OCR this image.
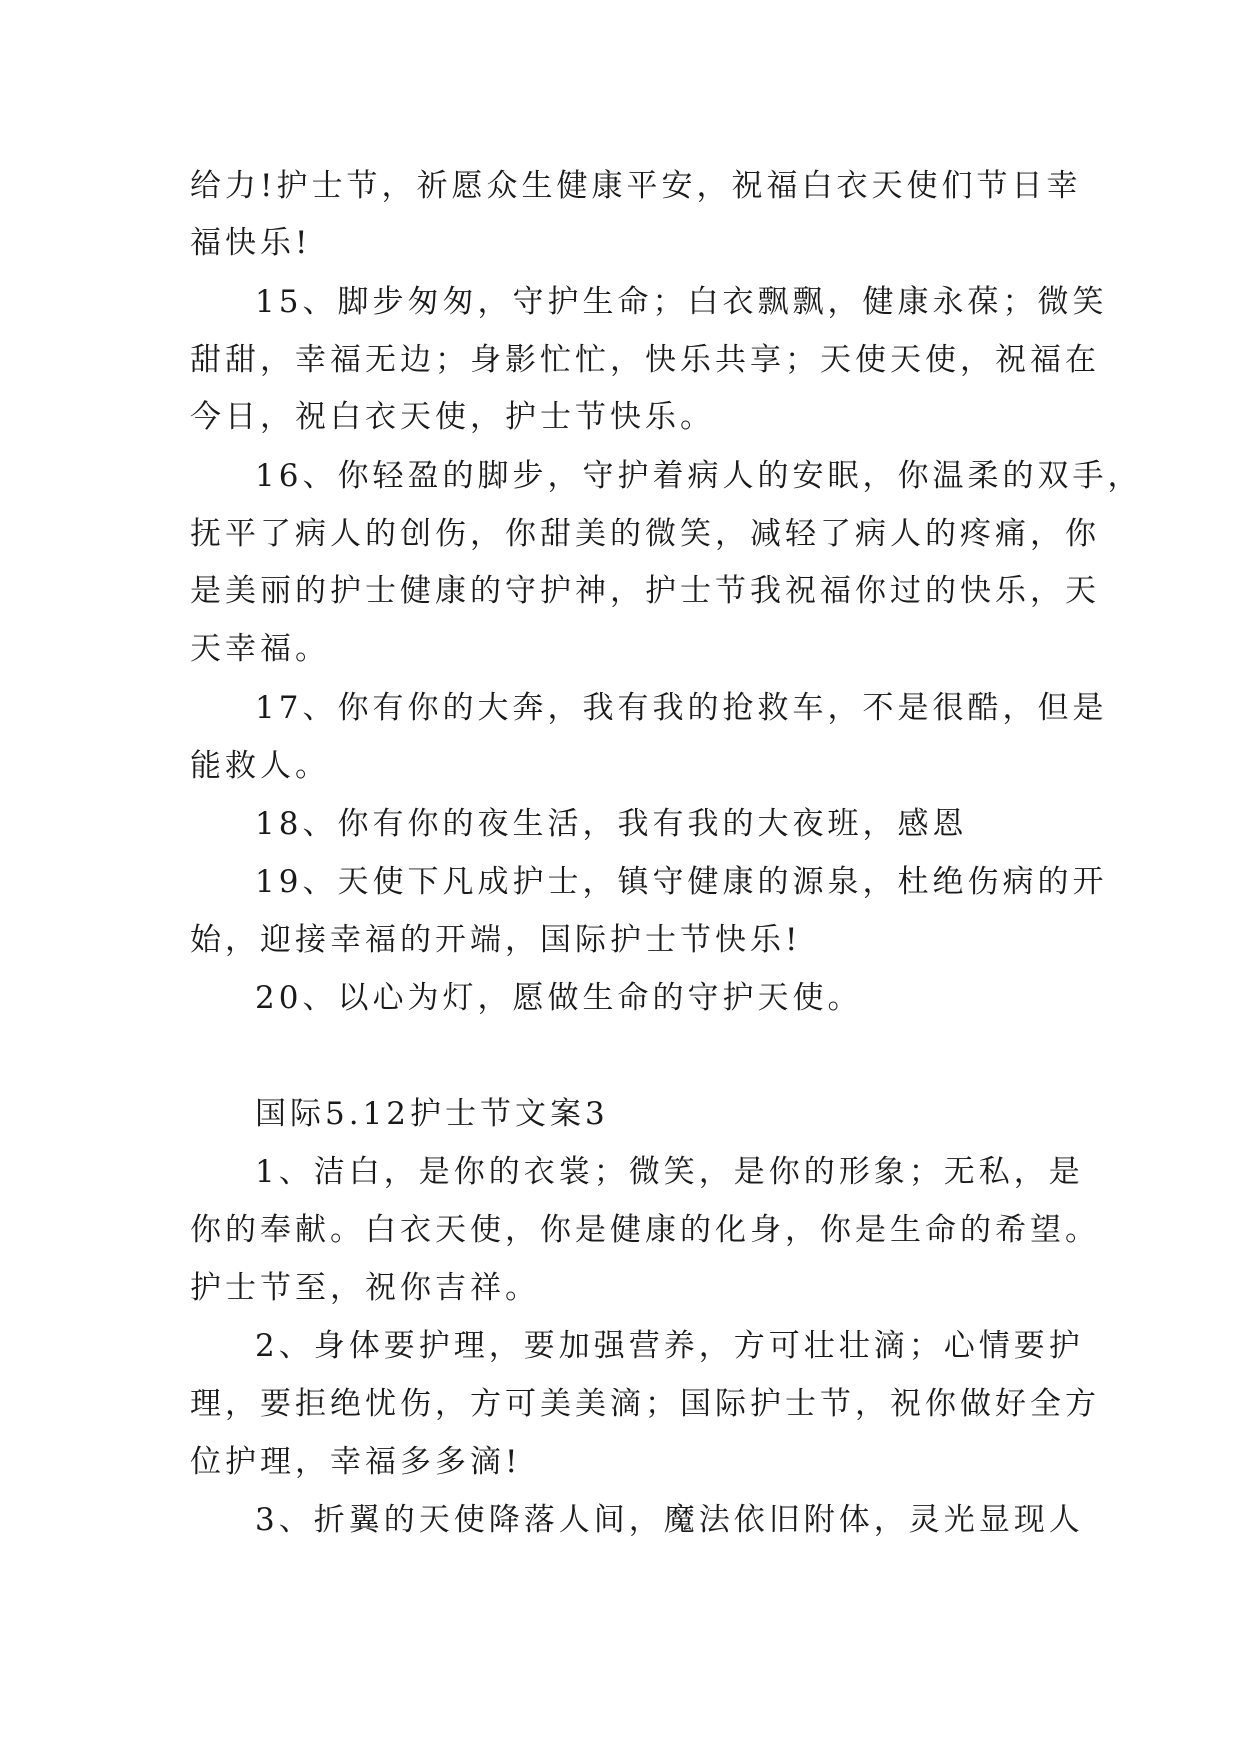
给力!护士节，祈愿众生健康平安，祝福白衣天使们节日幸
福快乐!
15、脚步匆匆，守护生命；白衣飘飘，健康永葆；微笑
甜甜，幸福无边；身影忙忙，快乐共享；天使天使，祝福在
今日，祝白衣天使，护士节快乐。
16、你轻盈的脚步，守护着病人的安眠，你温柔的双手，
抚平了病人的创伤，你甜美的微笑，减轻了病人的疼痛，你
是美丽的护士健康的守护神，护士节我祝福你过的快乐，天
天幸福。
17、你有你的大奔，我有我的抢救车，不是很酷，但是
能救人。
18、你有你的夜生活，我有我的大夜班，感恩
19、天使下凡成护士，镇守健康的源泉，杜绝伤病的开
始，迎接幸福的开端，国际护士节快乐!
20、以心为灯，愿做生命的守护天使。
国际5.12护士节文案3
1、洁白，是你的衣裳；微笑，是你的形象；无私，是
你的奉献。白衣天使，你是健康的化身，你是生命的希望。
护士节至，祝你吉祥。
2、身体要护理，要加强营养，方可壮壮滴；心情要护
理，要拒绝忧伤，方可美美滴；国际护士节，祝你做好全方
位护理，幸福多多滴!
3、折翼的天使降落人间，魔法依旧附体，灵光显现人
